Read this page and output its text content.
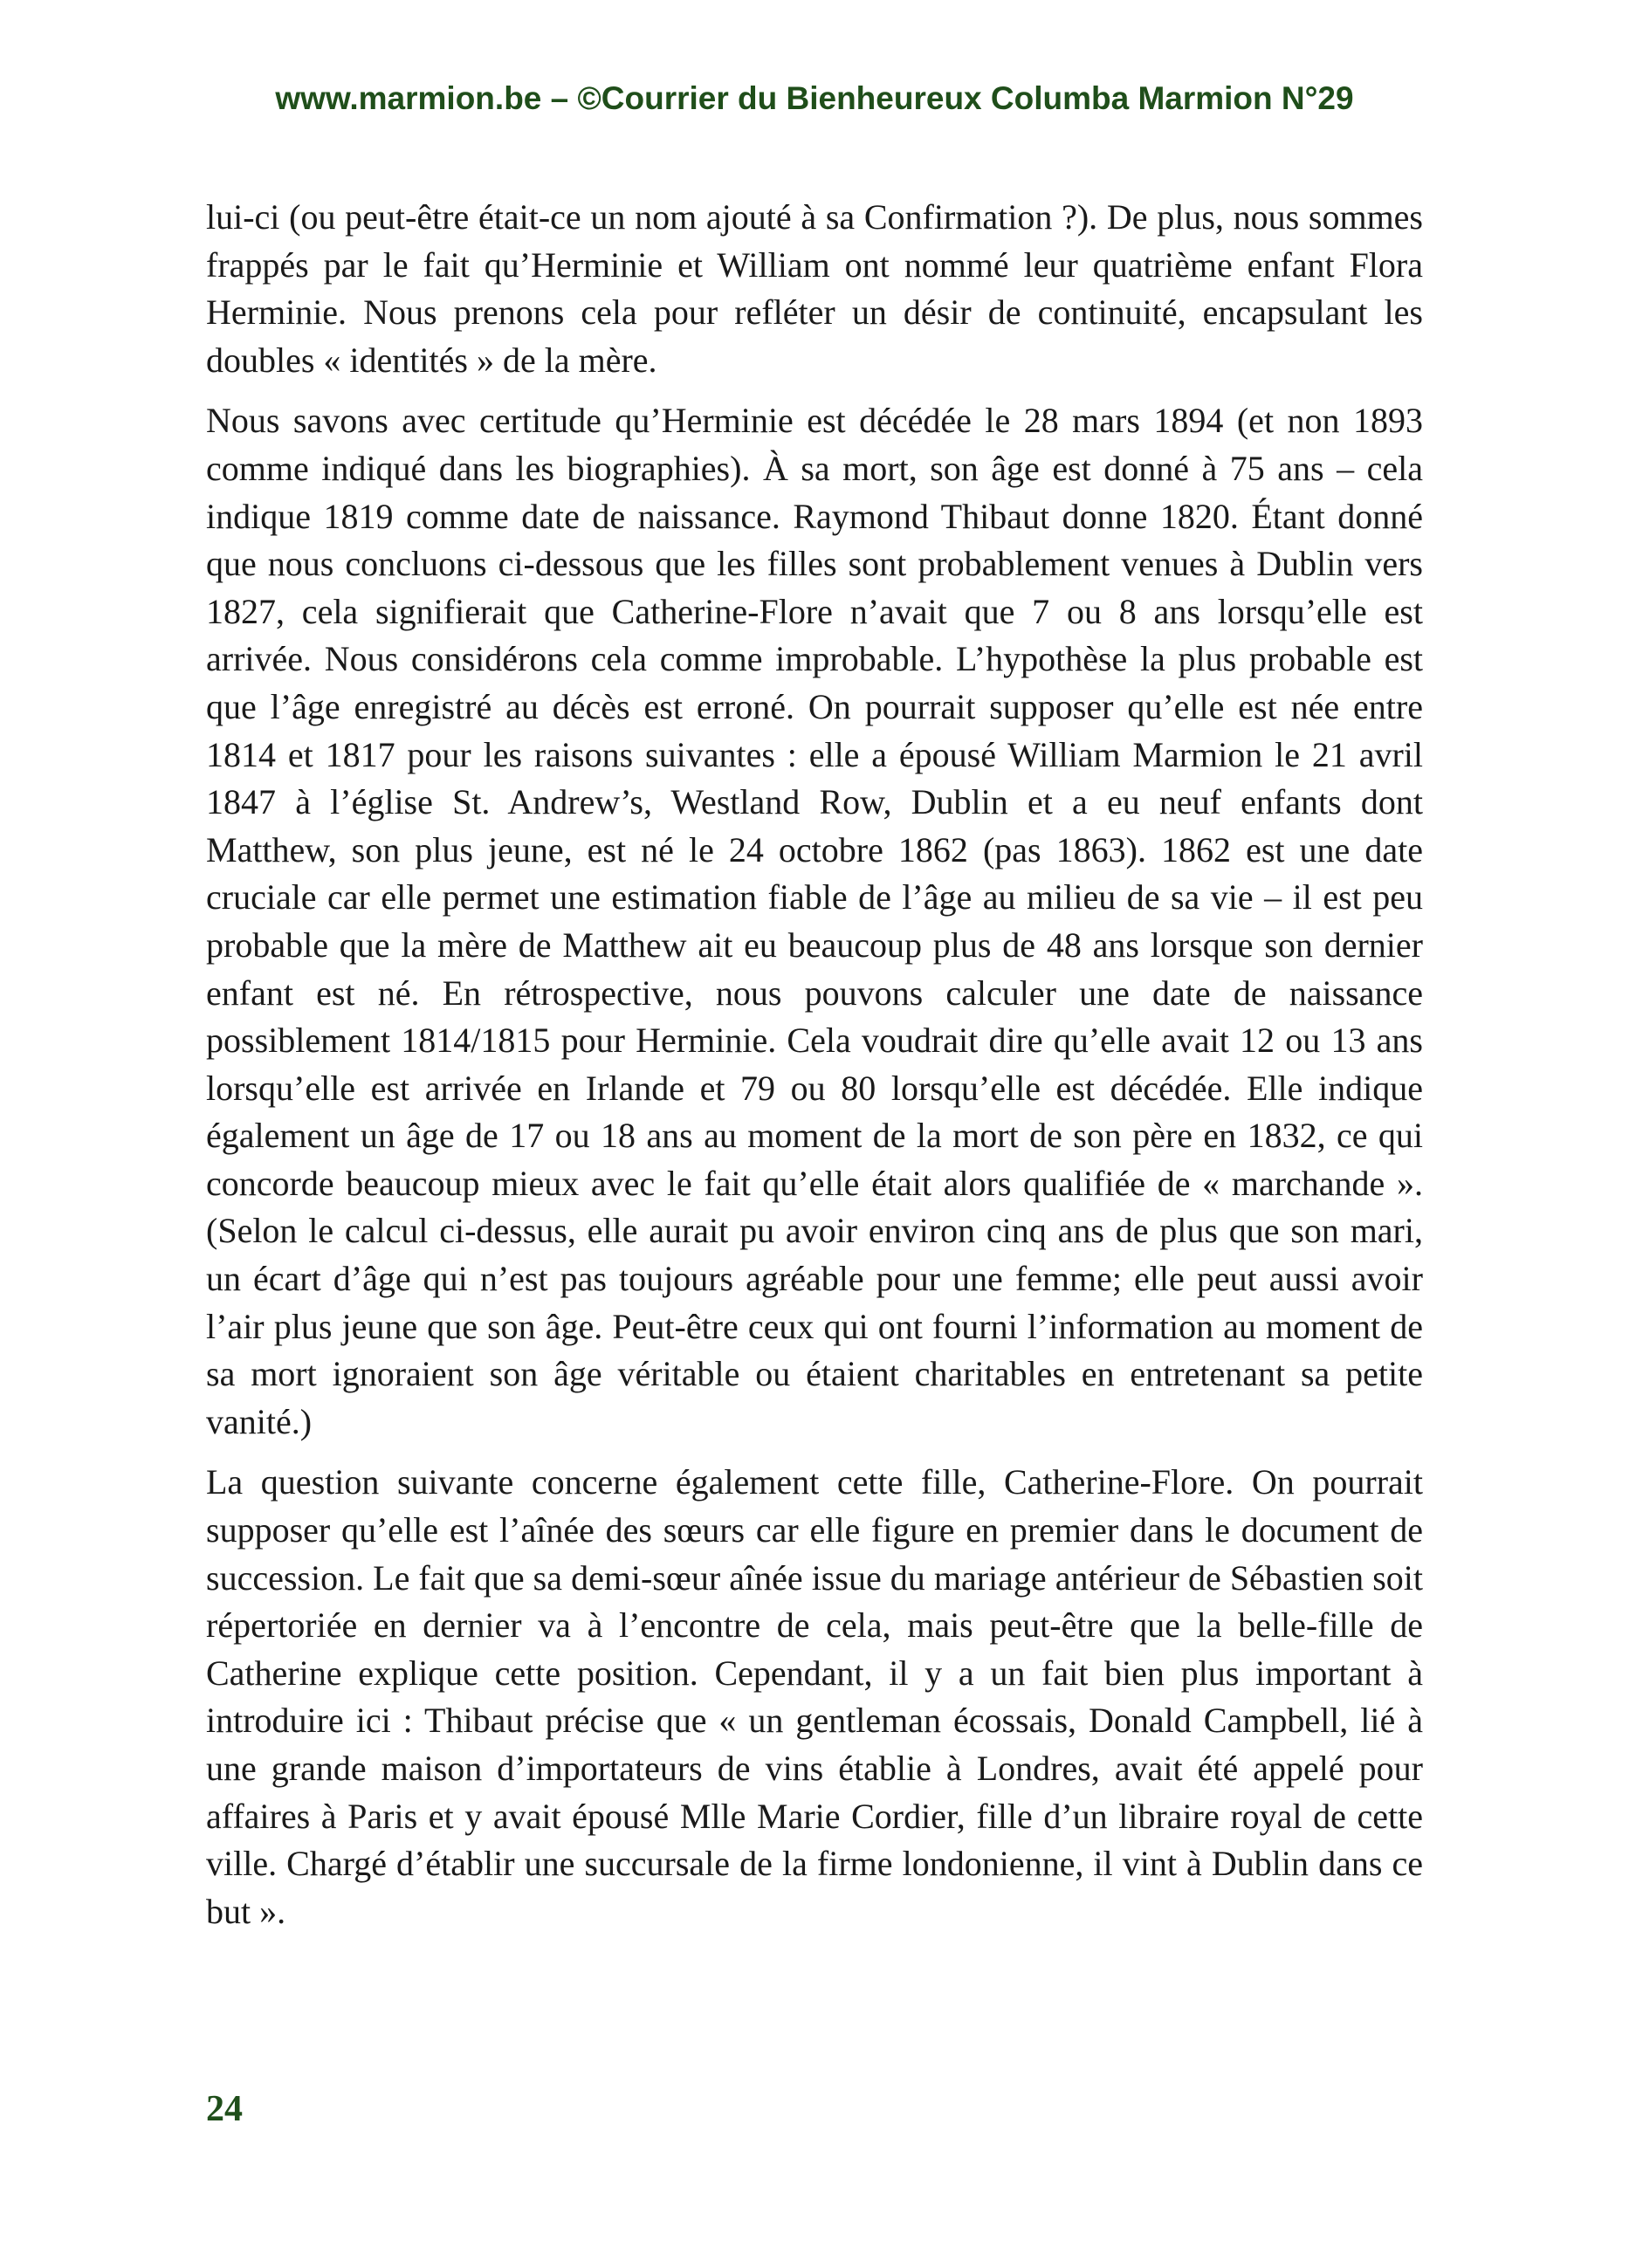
www.marmion.be – ©Courrier du Bienheureux Columba Marmion N°29

lui-ci (ou peut-être était-ce un nom ajouté à sa Confirmation ?). De plus, nous sommes frappés par le fait qu’Herminie et William ont nommé leur quatrième enfant Flora Herminie. Nous prenons cela pour refléter un désir de continuité, encapsulant les doubles « identités » de la mère.

Nous savons avec certitude qu’Herminie est décédée le 28 mars 1894 (et non 1893 comme indiqué dans les biographies). À sa mort, son âge est donné à 75 ans – cela indique 1819 comme date de naissance. Raymond Thibaut donne 1820. Étant donné que nous concluons ci-dessous que les filles sont probablement venues à Dublin vers 1827, cela signifierait que Catherine-Flore n’avait que 7 ou 8 ans lorsqu’elle est arrivée. Nous considérons cela comme improbable. L’hypothèse la plus probable est que l’âge enregistré au décès est erroné. On pourrait supposer qu’elle est née entre 1814 et 1817 pour les raisons suivantes : elle a épousé William Marmion le 21 avril 1847 à l’église St. Andrew’s, Westland Row, Dublin et a eu neuf enfants dont Matthew, son plus jeune, est né le 24 octobre 1862 (pas 1863). 1862 est une date cruciale car elle permet une estimation fiable de l’âge au milieu de sa vie – il est peu probable que la mère de Matthew ait eu beaucoup plus de 48 ans lorsque son dernier enfant est né. En rétrospective, nous pouvons calculer une date de naissance possiblement 1814/1815 pour Herminie. Cela voudrait dire qu’elle avait 12 ou 13 ans lorsqu’elle est arrivée en Irlande et 79 ou 80 lorsqu’elle est décédée. Elle indique également un âge de 17 ou 18 ans au moment de la mort de son père en 1832, ce qui concorde beaucoup mieux avec le fait qu’elle était alors qualifiée de « marchande ». (Selon le calcul ci-dessus, elle aurait pu avoir environ cinq ans de plus que son mari, un écart d’âge qui n’est pas toujours agréable pour une femme; elle peut aussi avoir l’air plus jeune que son âge. Peut-être ceux qui ont fourni l’information au moment de sa mort ignoraient son âge véritable ou étaient charitables en entretenant sa petite vanité.)

La question suivante concerne également cette fille, Catherine-Flore. On pourrait supposer qu’elle est l’aînée des sœurs car elle figure en premier dans le document de succession. Le fait que sa demi-sœur aînée issue du mariage antérieur de Sébastien soit répertoriée en dernier va à l’encontre de cela, mais peut-être que la belle-fille de Catherine explique cette position. Cependant, il y a un fait bien plus important à introduire ici : Thibaut précise que « un gentleman écossais, Donald Campbell, lié à une grande maison d’importateurs de vins établie à Londres, avait été appelé pour affaires à Paris et y avait épousé Mlle Marie Cordier, fille d’un libraire royal de cette ville. Chargé d’établir une succursale de la firme londonienne, il vint à Dublin dans ce but ».

24
